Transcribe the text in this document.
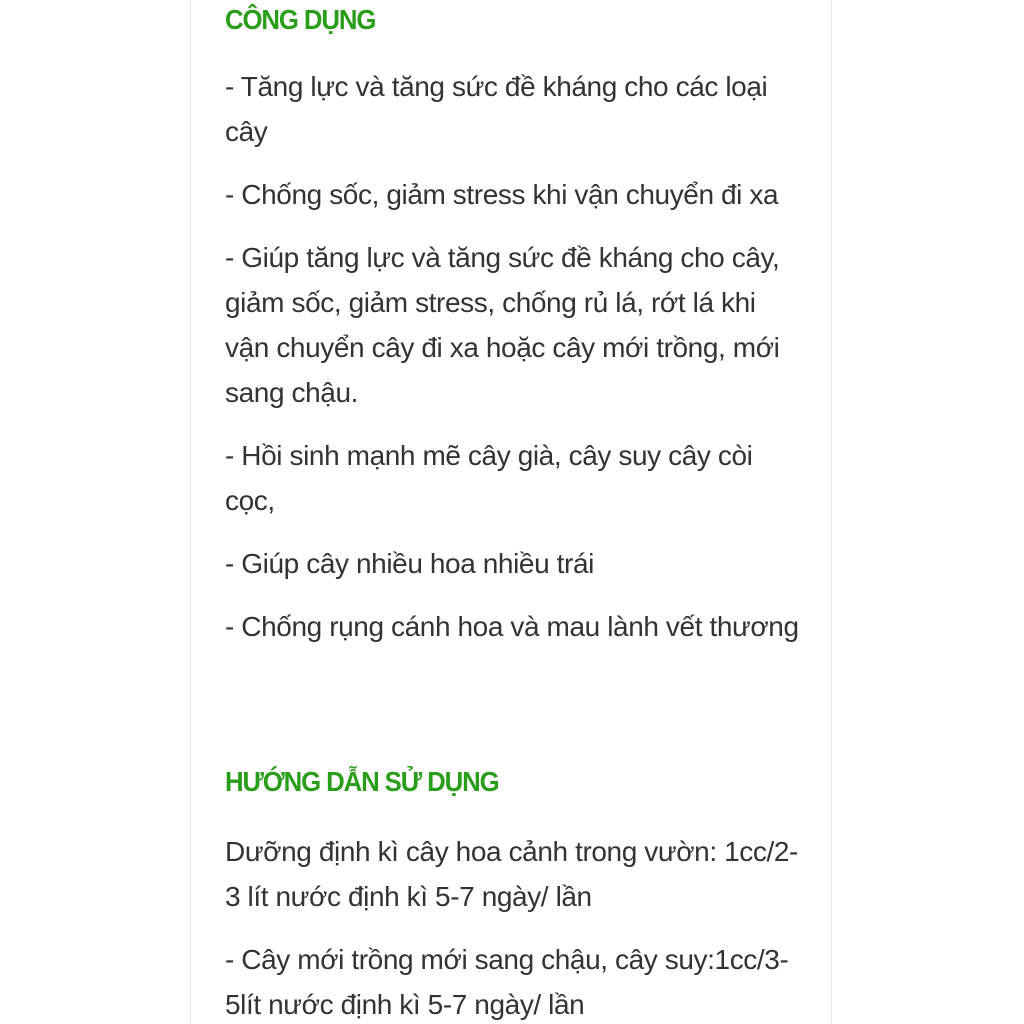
CÔNG DỤNG

- Tăng lực và tăng sức đề kháng cho các loại cây

- Chống sốc, giảm stress khi vận chuyển đi xa

- Giúp tăng lực và tăng sức đề kháng cho cây, giảm sốc, giảm stress, chống rủ lá, rớt lá khi vận chuyển cây đi xa hoặc cây mới trồng, mới sang chậu.

- Hồi sinh mạnh mẽ cây già, cây suy cây còi cọc,

- Giúp cây nhiều hoa nhiều trái

- Chống rụng cánh hoa và mau lành vết thương

HƯỚNG DẪN SỬ DỤNG

Dưỡng định kì cây hoa cảnh trong vườn: 1cc/2-3 lít nước định kì 5-7 ngày/ lần

- Cây mới trồng mới sang chậu, cây suy:1cc/3-5lít nước định kì 5-7 ngày/ lần
